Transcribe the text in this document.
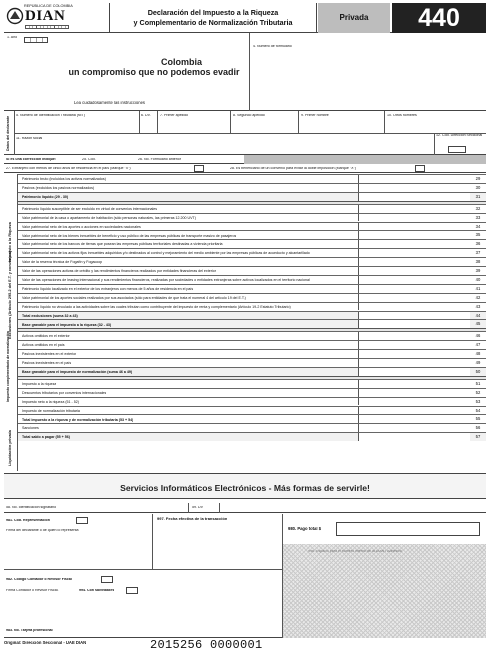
REPÚBLICA DE COLOMBIA
DIAN	Declaración del Impuesto a la Riqueza
y Complementario de Normalización Tributaria
Privada	440
1. Año
4. Número de formulario
Colombia
un compromiso que no podemos evadir
Lea cuidadosamente las instrucciones
Datos del declarante
5. Número de Identificación Tributaria (NIT)	6. DV.	7. Primer apellido	8. Segundo apellido	9. Primer nombre	10. Otros nombres
11. Razón social
12. Cód. Dirección Seccional
Si es una corrección indique:	25. Cód.	26. No. Formulario anterior
27. Extranjero con menos de cinco años de residencia en el país (Marque "X")	28. Es beneficiario de un convenio para evitar la doble imposición (Marque "X")
Impuesto a la Riqueza
Exclusiones (Artículo 295-2 del E.T. y convenios)
Impuesto complementario de normalización
Liquidación privada
Patrimonio bruto (incluidos los activos normalizados)	29
Pasivos (excluidos los pasivos normalizados)	30
Patrimonio líquido (29 - 30)	31
Patrimonio líquido susceptible de ser excluido en virtud de convenios internacionales	32
Valor patrimonial de la casa o apartamento de habitación (sólo personas naturales, las primeras 12.200 UVT)	33
Valor patrimonial neto de los aportes o acciones en sociedades nacionales	34
Valor patrimonial neto de los bienes inmuebles de beneficio y uso público de las empresas públicas de transporte masivo de pasajeros	35
Valor patrimonial neto de los bancos de tierras que posean las empresas públicas territoriales destinadas a vivienda prioritaria	36
Valor patrimonial neto de los activos fijos inmuebles adquiridos y/o destinados al control y mejoramiento del medio ambiente por las empresas públicas de acueducto y alcantarillado	37
Valor de la reserva técnica de Fogafín y Fogacoop	38
Valor de las operaciones activas de crédito y las rendimientos financieros realizados por entidades financieras del exterior	39
Valor de las operaciones de leasing internacional y sus rendimientos financieros, realizadas por sociedades o entidades extranjeras sobre activos localizados en el territorio nacional	40
Patrimonio líquido localizado en el exterior de los extranjeros con menos de 5 años de residencia en el país	41
Valor patrimonial de los aportes sociales realizados por sus asociados (sólo para entidades de que trata el numeral 4 del artículo 19 del E.T.)	42
Patrimonio líquido no vinculado a las actividades sobre las cuales tributan como contribuyente del impuesto de renta y complementario (Artículo 19-2 Estatuto Tributario)	43
Total exclusiones (suma 32 a 43)	44
Base gravable para el impuesto a la riqueza (32 - 43)	45
Activos omitidos en el exterior	46
Activos omitidos en el país	47
Pasivos inexistentes en el exterior	48
Pasivos inexistentes en el país	49
Base gravable para el impuesto de normalización (suma 46 a 49)	50
Impuesto a la riqueza	51
Descuentos tributarios por convenios internacionales	52
Impuesto neto a la riqueza (51 - 52)	53
Impuesto de normalización tributaria	54
Total impuesto a la riqueza y de normalización tributaria (53 + 54)	55
Sanciones	56
Total saldo a pagar (55 + 56)	57
Servicios Informáticos Electrónicos - Más formas de servirle!
58. No. Identificación signatario	59. DV
981. Cód. Representación
Firma del declarante o de quien lo representa
997. Fecha efectiva de la transacción
980. Pago total $
996. Espacio para el número interno de la DIAN / Adhesivo
982. Código Contador o Revisor Fiscal
Firma Contador o Revisor Fiscal.	994. Con salvedades
983. No. Tarjeta profesional
Original: Dirección Seccional - UAE DIAN	2015256 0000001
